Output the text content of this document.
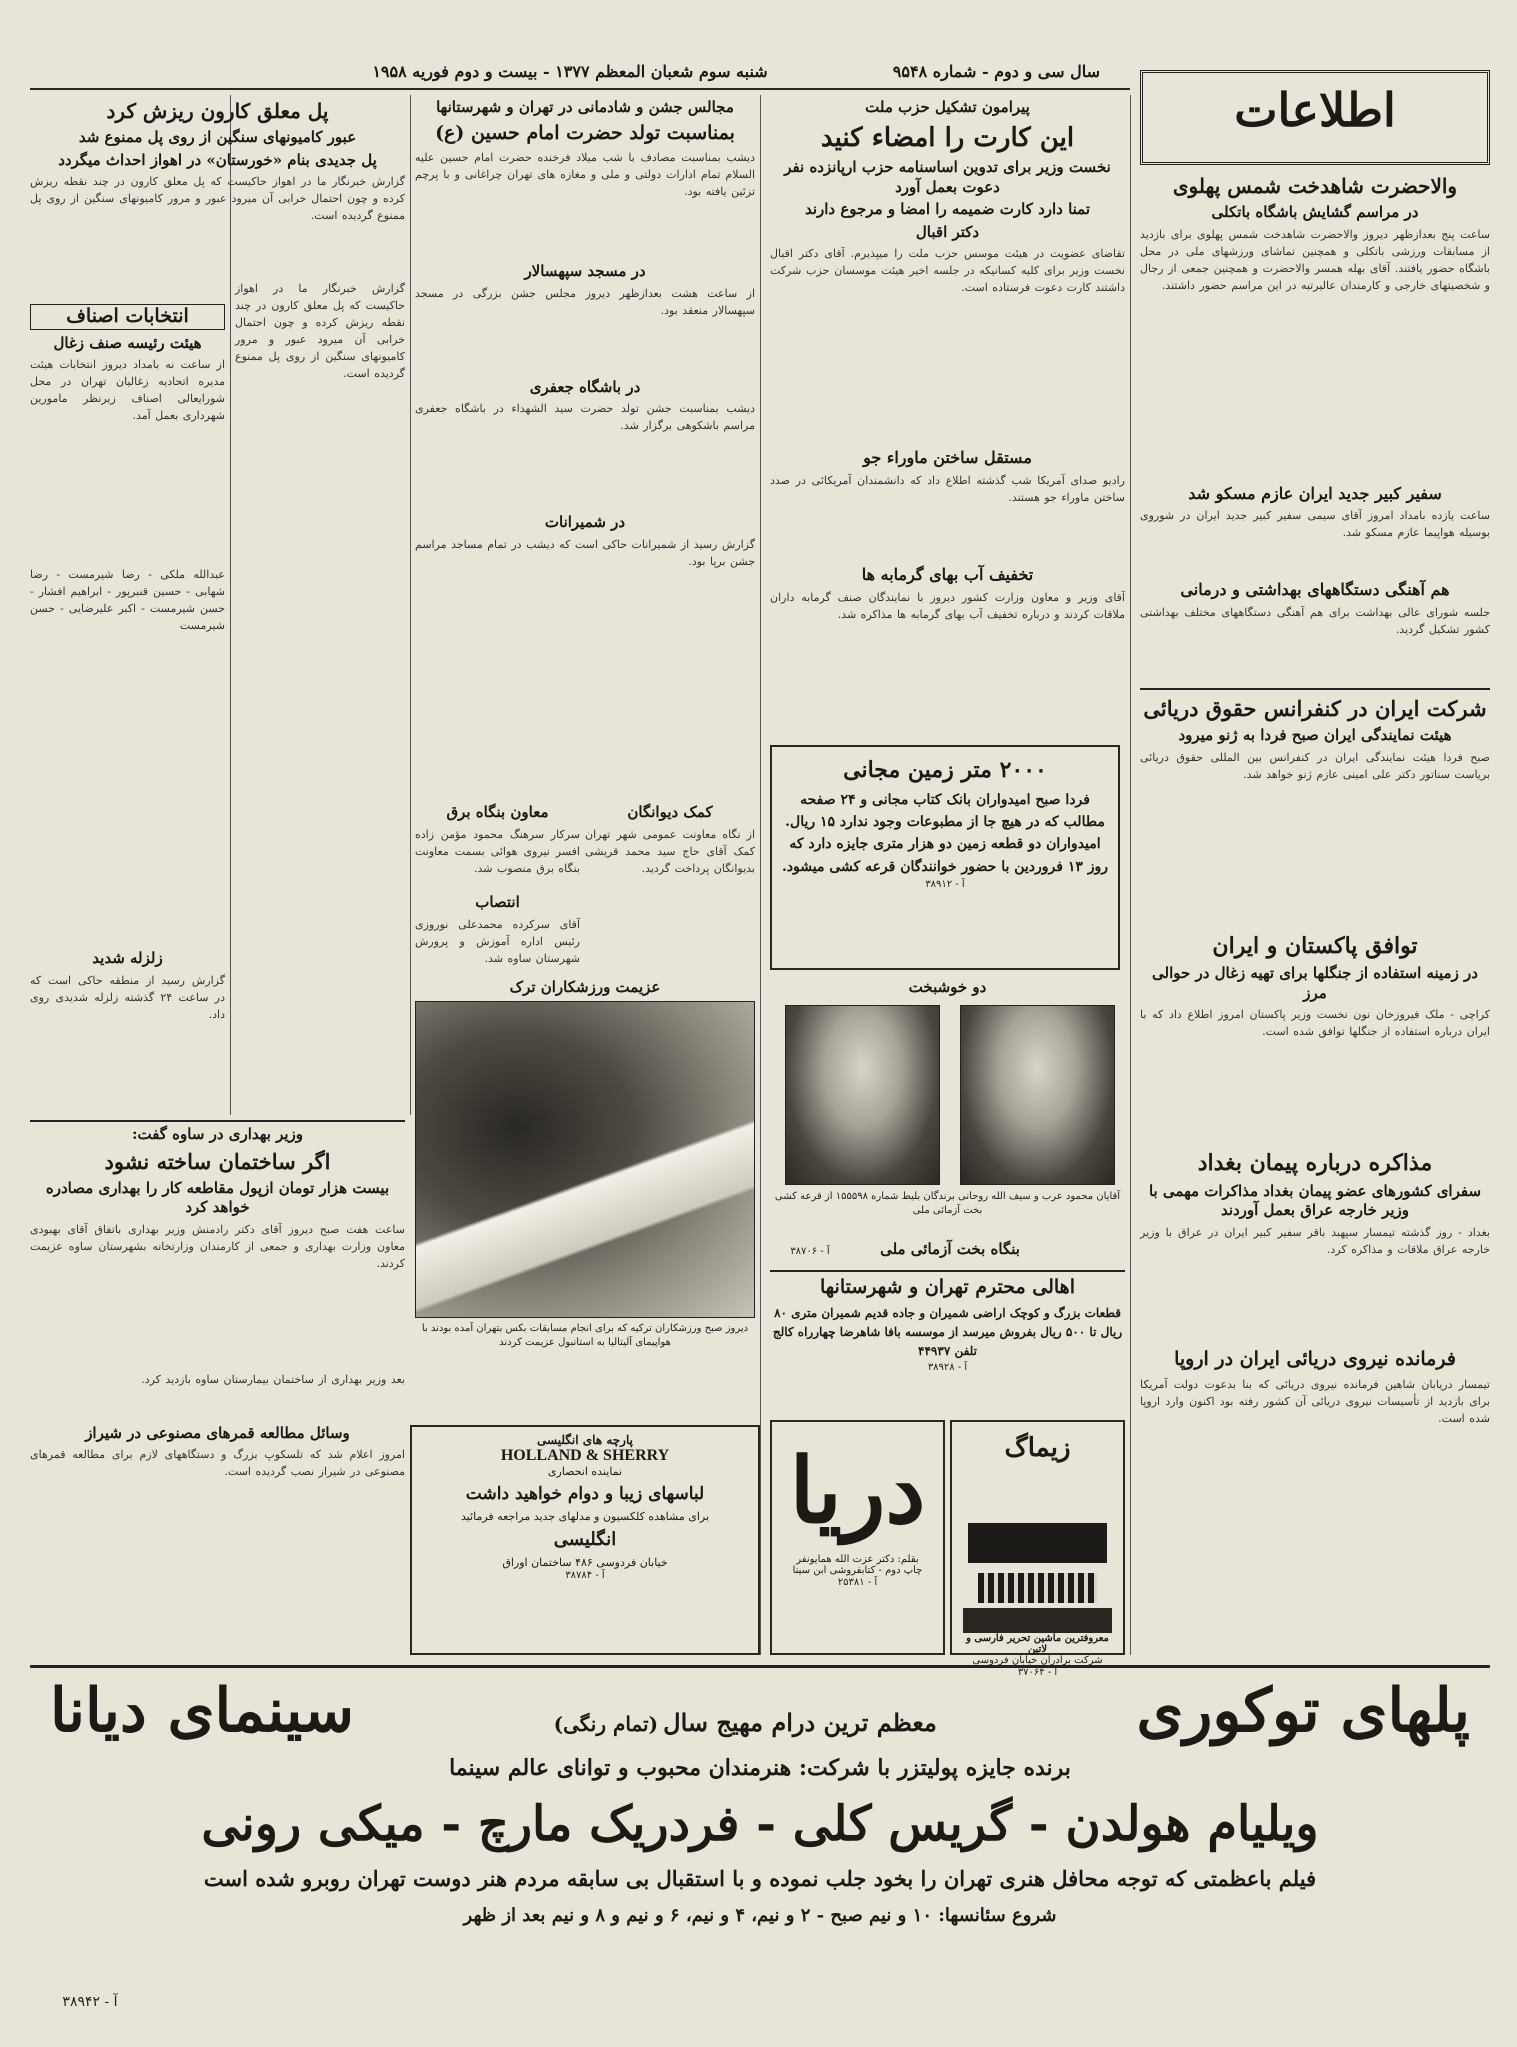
سال سی و دوم - شماره ۹۵۴۸
شنبه سوم شعبان المعظم ۱۳۷۷ - بیست و دوم فوریه ۱۹۵۸
اطلاعات
والاحضرت شاهدخت شمس پهلوی
در مراسم گشایش باشگاه باتکلی
ساعت پنج بعدازظهر دیروز والاحضرت شاهدخت شمس پهلوی برای بازدید از مسابقات ورزشی باتکلی و همچنین تماشای ورزشهای ملی در محل باشگاه حضور یافتند. آقای بهله همسر والاحضرت و همچنین جمعی از رجال و شخصیتهای خارجی و کارمندان عالیرتبه در این مراسم حضور داشتند.
سفیر کبیر جدید ایران عازم مسکو شد
ساعت یازده بامداد امروز آقای سیمی سفیر کبیر جدید ایران در شوروی بوسیله هواپیما عازم مسکو شد.
هم آهنگی دستگاههای بهداشتی و درمانی
جلسه شورای عالی بهداشت برای هم آهنگی دستگاههای مختلف بهداشتی کشور تشکیل گردید.
شرکت ایران در کنفرانس حقوق دریائی
هیئت نمایندگی ایران صبح فردا به ژنو میرود
صبح فردا هیئت نمایندگی ایران در کنفرانس بین المللی حقوق دریائی بریاست سناتور دکتر علی امینی عازم ژنو خواهد شد.
توافق پاکستان و ایران
در زمینه استفاده از جنگلها برای تهیه زغال در حوالی مرز
کراچی - ملک فیروزخان نون نخست وزیر پاکستان امروز اطلاع داد که با ایران درباره استفاده از جنگلها توافق شده است.
مذاکره درباره پیمان بغداد
سفرای کشورهای عضو پیمان بغداد مذاکرات مهمی با وزیر خارجه عراق بعمل آوردند
بغداد - روز گذشته تیمسار سپهبد باقر سفیر کبیر ایران در عراق با وزیر خارجه عراق ملاقات و مذاکره کرد.
فرمانده نیروی دریائی ایران در اروپا
تیمسار دریابان شاهین فرمانده نیروی دریائی که بنا بدعوت دولت آمریکا برای بازدید از تأسیسات نیروی دریائی آن کشور رفته بود اکنون وارد اروپا شده است.
پیرامون تشکیل حزب ملت
این کارت را امضاء کنید
نخست وزیر برای تدوین اساسنامه حزب ارپانزده نفر دعوت بعمل آورد
تمنا دارد کارت ضمیمه را امضا و مرجوع دارند
دکتر اقبال
تقاضای عضویت در هیئت موسس حزب ملت را میپذیرم. آقای دکتر اقبال نخست وزیر برای کلیه کسانیکه در جلسه اخیر هیئت موسسان حزب شرکت داشتند کارت دعوت فرستاده است.
مستقل ساختن ماوراء جو
رادیو صدای آمریکا شب گذشته اطلاع داد که دانشمندان آمریکائی در صدد ساختن ماوراء جو هستند.
تخفیف آب بهای گرمابه ها
آقای وزیر و معاون وزارت کشور دیروز با نمایندگان صنف گرمابه داران ملاقات کردند و درباره تخفیف آب بهای گرمابه ها مذاکره شد.
۲۰۰۰ متر زمین مجانی
فردا صبح امیدواران بانک کتاب مجانی و ۲۴ صفحه مطالب که در هیچ جا از مطبوعات وجود ندارد ۱۵ ریال. امیدواران دو قطعه زمین دو هزار متری جایزه دارد که روز ۱۳ فروردین با حضور خوانندگان قرعه کشی میشود.
آ - ۳۸۹۱۲
دو خوشبخت
آقایان محمود عرب و سیف الله روحانی برندگان بلیط شماره ۱۵۵۵۹۸ از قرعه کشی بخت آزمائی ملی
بنگاه بخت آزمائی ملی
آ - ۳۸۷۰۶
اهالی محترم تهران و شهرستانها
قطعات بزرگ و کوچک اراضی شمیران و جاده قدیم شمیران متری ۸۰ ریال تا ۵۰۰ ریال بفروش میرسد از موسسه بافا شاهرضا چهارراه کالج تلفن ۴۴۹۳۷
آ - ۳۸۹۲۸
زیماگ
معروفترین ماشین تحریر فارسی و لاتین
شرکت برادران خیابان فردوسی
آ - ۳۷۰۶۴
دریا
بقلم: دکتر عزت الله همایونفر
چاپ دوم - کتابفروشی ابن سینا
آ - ۲۵۳۸۱
مجالس جشن و شادمانی در تهران و شهرستانها
بمناسبت تولد حضرت امام حسین (ع)
دیشب بمناسبت مصادف با شب میلاد فرخنده حضرت امام حسین علیه السلام تمام ادارات دولتی و ملی و مغازه های تهران چراغانی و با پرچم تزئین یافته بود.
در مسجد سپهسالار
از ساعت هشت بعدازظهر دیروز مجلس جشن بزرگی در مسجد سپهسالار منعقد بود.
در باشگاه جعفری
دیشب بمناسبت جشن تولد حضرت سید الشهداء در باشگاه جعفری مراسم باشکوهی برگزار شد.
در شمیرانات
گزارش رسید از شمیرانات حاکی است که دیشب در تمام مساجد مراسم جشن برپا بود.
کمک دیوانگان
از نگاه معاونت عمومی شهر تهران کمک آقای حاج سید محمد قریشی بدیوانگان پرداخت گردید.
معاون بنگاه برق
سرکار سرهنگ محمود مؤمن زاده افسر نیروی هوائی بسمت معاونت بنگاه برق منصوب شد.
انتصاب
آقای سرکرده محمدعلی نوروزی رئیس اداره آموزش و پرورش شهرستان ساوه شد.
عزیمت ورزشکاران ترک
دیروز صبح ورزشکاران ترکیه که برای انجام مسابقات بکس بتهران آمده بودند با هواپیمای آلیتالیا به استانبول عزیمت کردند
پل معلق کارون ریزش کرد
عبور کامیونهای سنگین از روی پل ممنوع شد
پل جدیدی بنام «خورستان» در اهواز احداث میگردد
گزارش خبرنگار ما در اهواز حاکیست که پل معلق کارون در چند نقطه ریزش کرده و چون احتمال خرابی آن میرود عبور و مرور کامیونهای سنگین از روی پل ممنوع گردیده است.
گزارش خبرنگار ما در اهواز حاکیست که پل معلق کارون در چند نقطه ریزش کرده و چون احتمال خرابی آن میرود عبور و مرور کامیونهای سنگین از روی پل ممنوع گردیده است.
انتخابات اصناف
هیئت رئیسه صنف زغال
از ساعت نه بامداد دیروز انتخابات هیئت مدیره اتحادیه زغالیان تهران در محل شورایعالی اصناف زیرنظر مامورین شهرداری بعمل آمد.
عبدالله ملکی - رضا شیرمست - رضا شهابی - حسین قنبرپور - ابراهیم افشار - حسن شیرمست - اکبر علیرضایی - حسن شیرمست
زلزله شدید
گزارش رسید از منطقه حاکی است که در ساعت ۲۴ گذشته زلزله شدیدی روی داد.
وزیر بهداری در ساوه گفت:
اگر ساختمان ساخته نشود
بیست هزار تومان ازپول مقاطعه کار را بهداری مصادره خواهد کرد
ساعت هفت صبح دیروز آقای دکتر رادمنش وزیر بهداری باتفاق آقای بهبودی معاون وزارت بهداری و جمعی از کارمندان وزارتخانه بشهرستان ساوه عزیمت کردند.
بعد وزیر بهداری از ساختمان بیمارستان ساوه بازدید کرد.
وسائل مطالعه قمرهای مصنوعی در شیراز
امروز اعلام شد که تلسکوپ بزرگ و دستگاههای لازم برای مطالعه قمرهای مصنوعی در شیراز نصب گردیده است.
پارچه های انگلیسی
HOLLAND & SHERRY
نماینده انحصاری
لباسهای زیبا و دوام خواهید داشت
برای مشاهده کلکسیون و مدلهای جدید مراجعه فرمائید
انگلیسی
خیابان فردوسی ۴۸۶ ساختمان اوراق
آ - ۳۸۷۸۴
پلهای توکوری
معظم ترین درام مهیج سال (تمام رنگی)
سینمای دیانا
برنده جایزه پولیتزر با شرکت: هنرمندان محبوب و توانای عالم سینما
ویلیام هولدن - گریس کلی - فردریک مارچ - میکی رونی
فیلم باعظمتی که توجه محافل هنری تهران را بخود جلب نموده و با استقبال بی سابقه مردم هنر دوست تهران روبرو شده است
شروع سئانسها: ۱۰ و نیم صبح - ۲ و نیم، ۴ و نیم، ۶ و نیم و ۸ و نیم بعد از ظهر
آ - ۳۸۹۴۲
